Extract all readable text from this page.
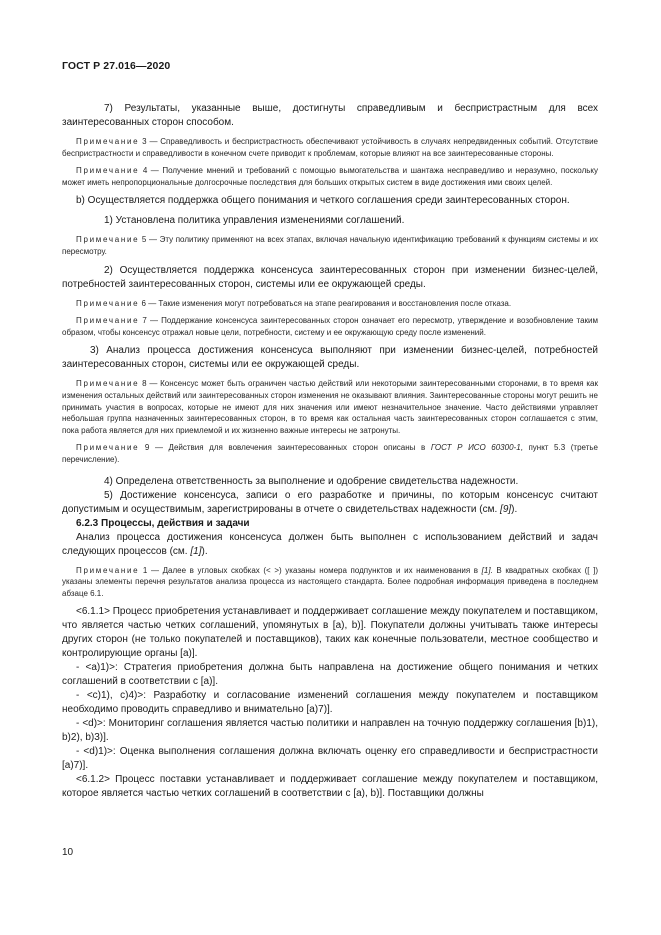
ГОСТ Р 27.016—2020

7) Результаты, указанные выше, достигнуты справедливым и беспристрастным для всех заинтересованных сторон способом.

Примечание 3 — Справедливость и беспристрастность обеспечивают устойчивость в случаях непредвиденных событий. Отсутствие беспристрастности и справедливости в конечном счете приводит к проблемам, которые влияют на все заинтересованные стороны.

Примечание 4 — Получение мнений и требований с помощью вымогательства и шантажа несправедливо и неразумно, поскольку может иметь непропорциональные долгосрочные последствия для больших открытых систем в виде достижения ими своих целей.

b) Осуществляется поддержка общего понимания и четкого соглашения среди заинтересованных сторон.

1) Установлена политика управления изменениями соглашений.

Примечание 5 — Эту политику применяют на всех этапах, включая начальную идентификацию требований к функциям системы и их пересмотру.

2) Осуществляется поддержка консенсуса заинтересованных сторон при изменении бизнес-целей, потребностей заинтересованных сторон, системы или ее окружающей среды.

Примечание 6 — Такие изменения могут потребоваться на этапе реагирования и восстановления после отказа.

Примечание 7 — Поддержание консенсуса заинтересованных сторон означает его пересмотр, утверждение и возобновление таким образом, чтобы консенсус отражал новые цели, потребности, систему и ее окружающую среду после изменений.

3) Анализ процесса достижения консенсуса выполняют при изменении бизнес-целей, потребностей заинтересованных сторон, системы или ее окружающей среды.

Примечание 8 — Консенсус может быть ограничен частью действий или некоторыми заинтересованными сторонами, в то время как изменения остальных действий или заинтересованных сторон изменения не оказывают влияния. Заинтересованные стороны могут решить не принимать участия в вопросах, которые не имеют для них значения или имеют незначительное значение. Часто действиями управляет небольшая группа назначенных заинтересованных сторон, в то время как остальная часть заинтересованных сторон соглашается с этим, пока работа является для них приемлемой и их жизненно важные интересы не затронуты.

Примечание 9 — Действия для вовлечения заинтересованных сторон описаны в ГОСТ Р ИСО 60300-1, пункт 5.3 (третье перечисление).

4) Определена ответственность за выполнение и одобрение свидетельства надежности.

5) Достижение консенсуса, записи о его разработке и причины, по которым консенсус считают допустимым и осуществимым, зарегистрированы в отчете о свидетельствах надежности (см. [9]).

6.2.3 Процессы, действия и задачи

Анализ процесса достижения консенсуса должен быть выполнен с использованием действий и задач следующих процессов (см. [1]).

Примечание 1 — Далее в угловых скобках (< >) указаны номера подпунктов и их наименования в [1]. В квадратных скобках ([ ]) указаны элементы перечня результатов анализа процесса из настоящего стандарта. Более подробная информация приведена в последнем абзаце 6.1.

<6.1.1> Процесс приобретения устанавливает и поддерживает соглашение между покупателем и поставщиком, что является частью четких соглашений, упомянутых в [a), b)]. Покупатели должны учитывать также интересы других сторон (не только покупателей и поставщиков), таких как конечные пользователи, местное сообщество и контролирующие органы [a)].

- <a)1)>: Стратегия приобретения должна быть направлена на достижение общего понимания и четких соглашений в соответствии с [a)].

- <c)1), c)4)>: Разработку и согласование изменений соглашения между покупателем и поставщиком необходимо проводить справедливо и внимательно [a)7)].

- <d)>: Мониторинг соглашения является частью политики и направлен на точную поддержку соглашения [b)1), b)2), b)3)].

- <d)1)>: Оценка выполнения соглашения должна включать оценку его справедливости и беспристрастности [a)7)].

<6.1.2> Процесс поставки устанавливает и поддерживает соглашение между покупателем и поставщиком, которое является частью четких соглашений в соответствии с [a), b)]. Поставщики должны

10
